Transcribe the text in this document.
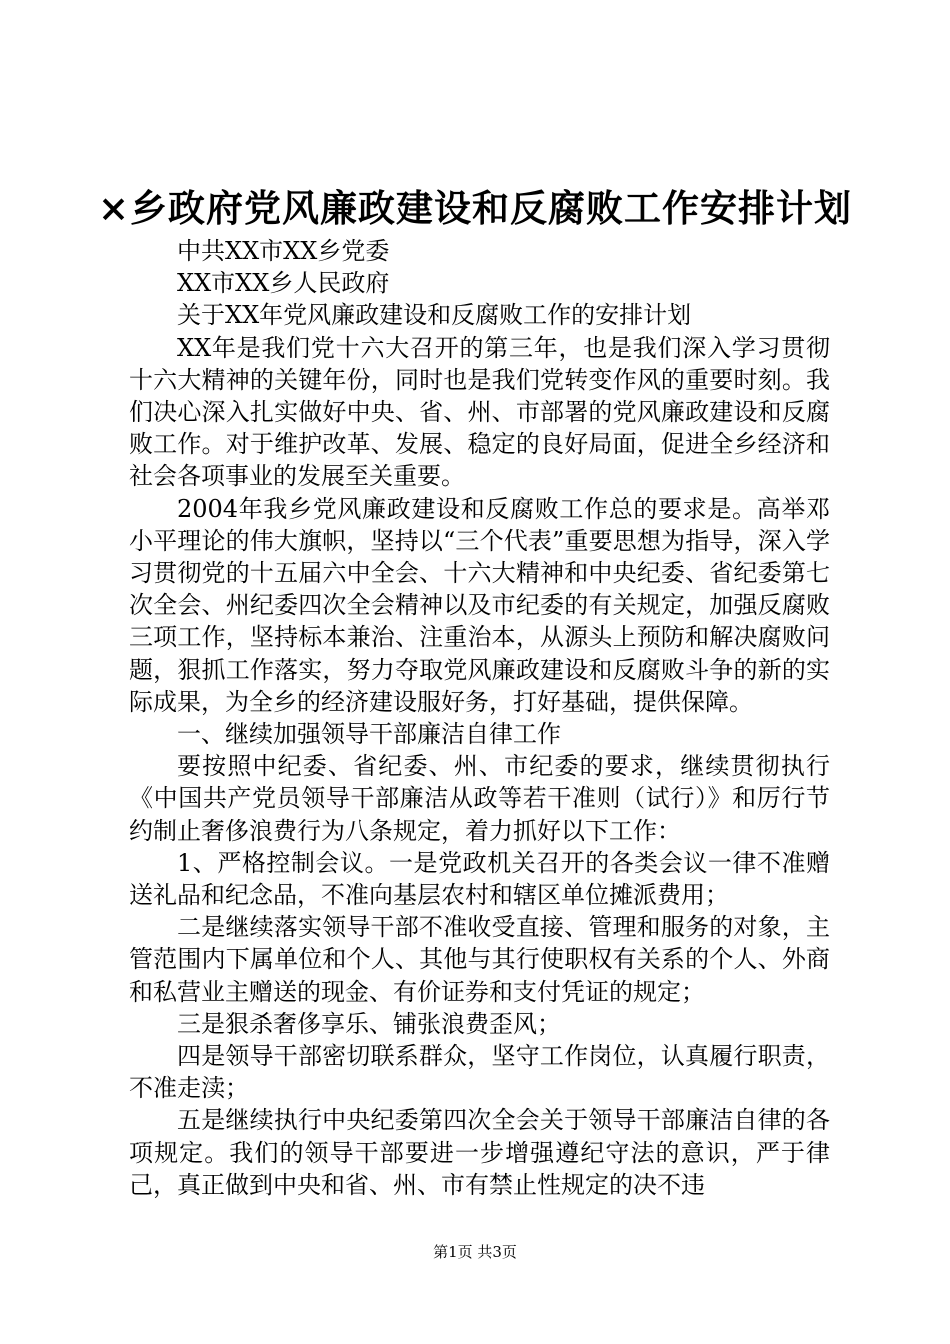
×乡政府党风廉政建设和反腐败工作安排计划

中共XX市XX乡党委

XX市XX乡人民政府

关于XX年党风廉政建设和反腐败工作的安排计划

XX年是我们党十六大召开的第三年，也是我们深入学习贯彻十六大精神的关键年份，同时也是我们党转变作风的重要时刻。我们决心深入扎实做好中央、省、州、市部署的党风廉政建设和反腐败工作。对于维护改革、发展、稳定的良好局面，促进全乡经济和社会各项事业的发展至关重要。

2004年我乡党风廉政建设和反腐败工作总的要求是。高举邓小平理论的伟大旗帜，坚持以“三个代表”重要思想为指导，深入学习贯彻党的十五届六中全会、十六大精神和中央纪委、省纪委第七次全会、州纪委四次全会精神以及市纪委的有关规定，加强反腐败三项工作，坚持标本兼治、注重治本，从源头上预防和解决腐败问题，狠抓工作落实，努力夺取党风廉政建设和反腐败斗争的新的实际成果，为全乡的经济建设服好务，打好基础，提供保障。

一、继续加强领导干部廉洁自律工作

要按照中纪委、省纪委、州、市纪委的要求，继续贯彻执行《中国共产党员领导干部廉洁从政等若干准则（试行）》和厉行节约制止奢侈浪费行为八条规定，着力抓好以下工作：

1、严格控制会议。一是党政机关召开的各类会议一律不准赠送礼品和纪念品，不准向基层农村和辖区单位摊派费用；

二是继续落实领导干部不准收受直接、管理和服务的对象，主管范围内下属单位和个人、其他与其行使职权有关系的个人、外商和私营业主赠送的现金、有价证券和支付凭证的规定；

三是狠杀奢侈享乐、铺张浪费歪风；

四是领导干部密切联系群众，坚守工作岗位，认真履行职责，不准走渎；

五是继续执行中央纪委第四次全会关于领导干部廉洁自律的各项规定。我们的领导干部要进一步增强遵纪守法的意识，严于律己，真正做到中央和省、州、市有禁止性规定的决不违

第1页 共3页
